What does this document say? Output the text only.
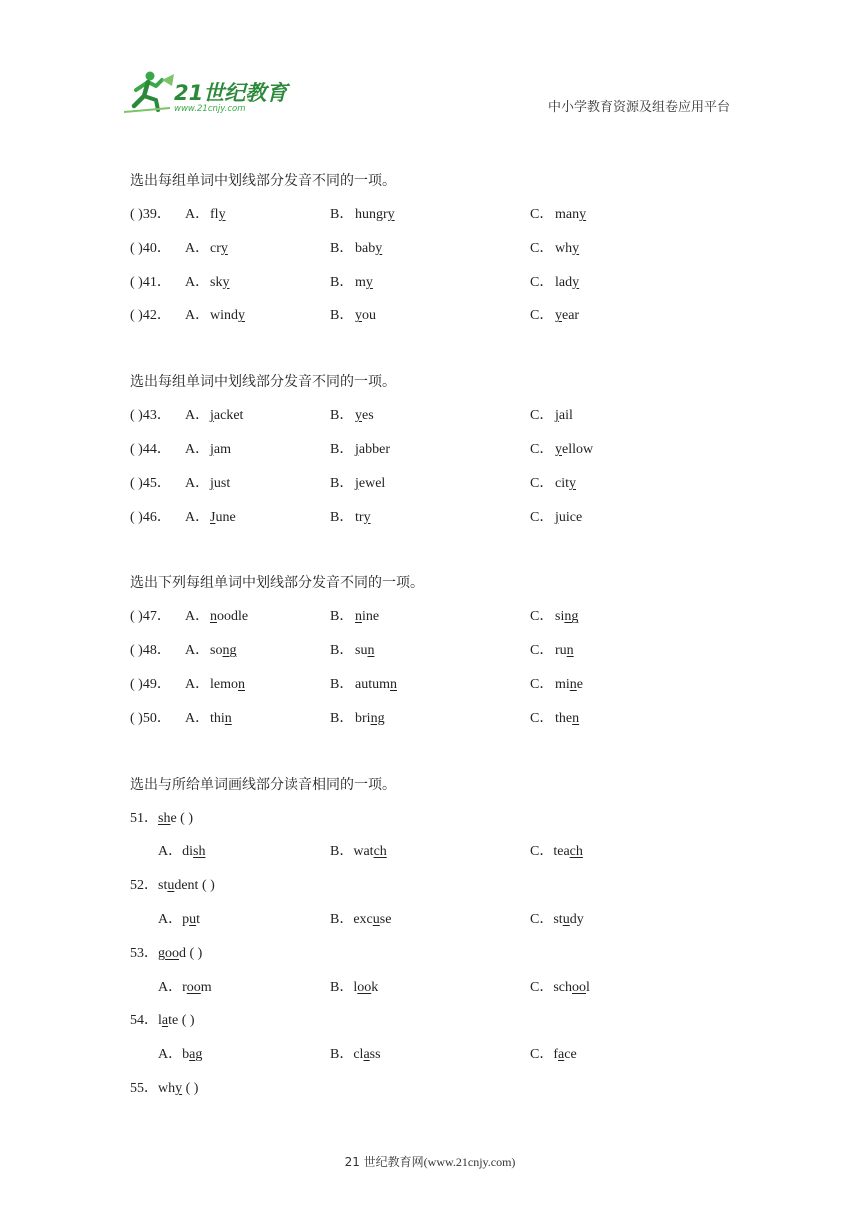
21世纪教育
www.21cnjy.com	中小学教育资源及组卷应用平台
选出每组单词中划线部分发音不同的一项。
( )39． A．fly	B． hungry	C． many
( )40． A．cry	B． baby	C． why
( )41． A．sky	B． my	C． lady
( )42． A．windy	B． you	C． year
选出每组单词中划线部分发音不同的一项。
( )43． A．jacket	B． yes	C． jail
( )44． A．jam	B． jabber	C． yellow
( )45． A．just	B． jewel	C． city
( )46． A．June	B． try	C． juice
选出下列每组单词中划线部分发音不同的一项。
( )47． A．noodle	B． nine	C． sing
( )48． A．song	B． sun	C． run
( )49． A．lemon	B． autumn	C． mine
( )50． A．thin	B． bring	C． then
选出与所给单词画线部分读音相同的一项。
51．she ( )
A．dish	B．watch	C．teach
52．student ( )
A．put	B．excuse	C．study
53．good ( )
A．room	B．look	C．school
54．late ( )
A．bag	B．class	C．face
55．why ( )
21 世纪教育网(www.21cnjy.com)
